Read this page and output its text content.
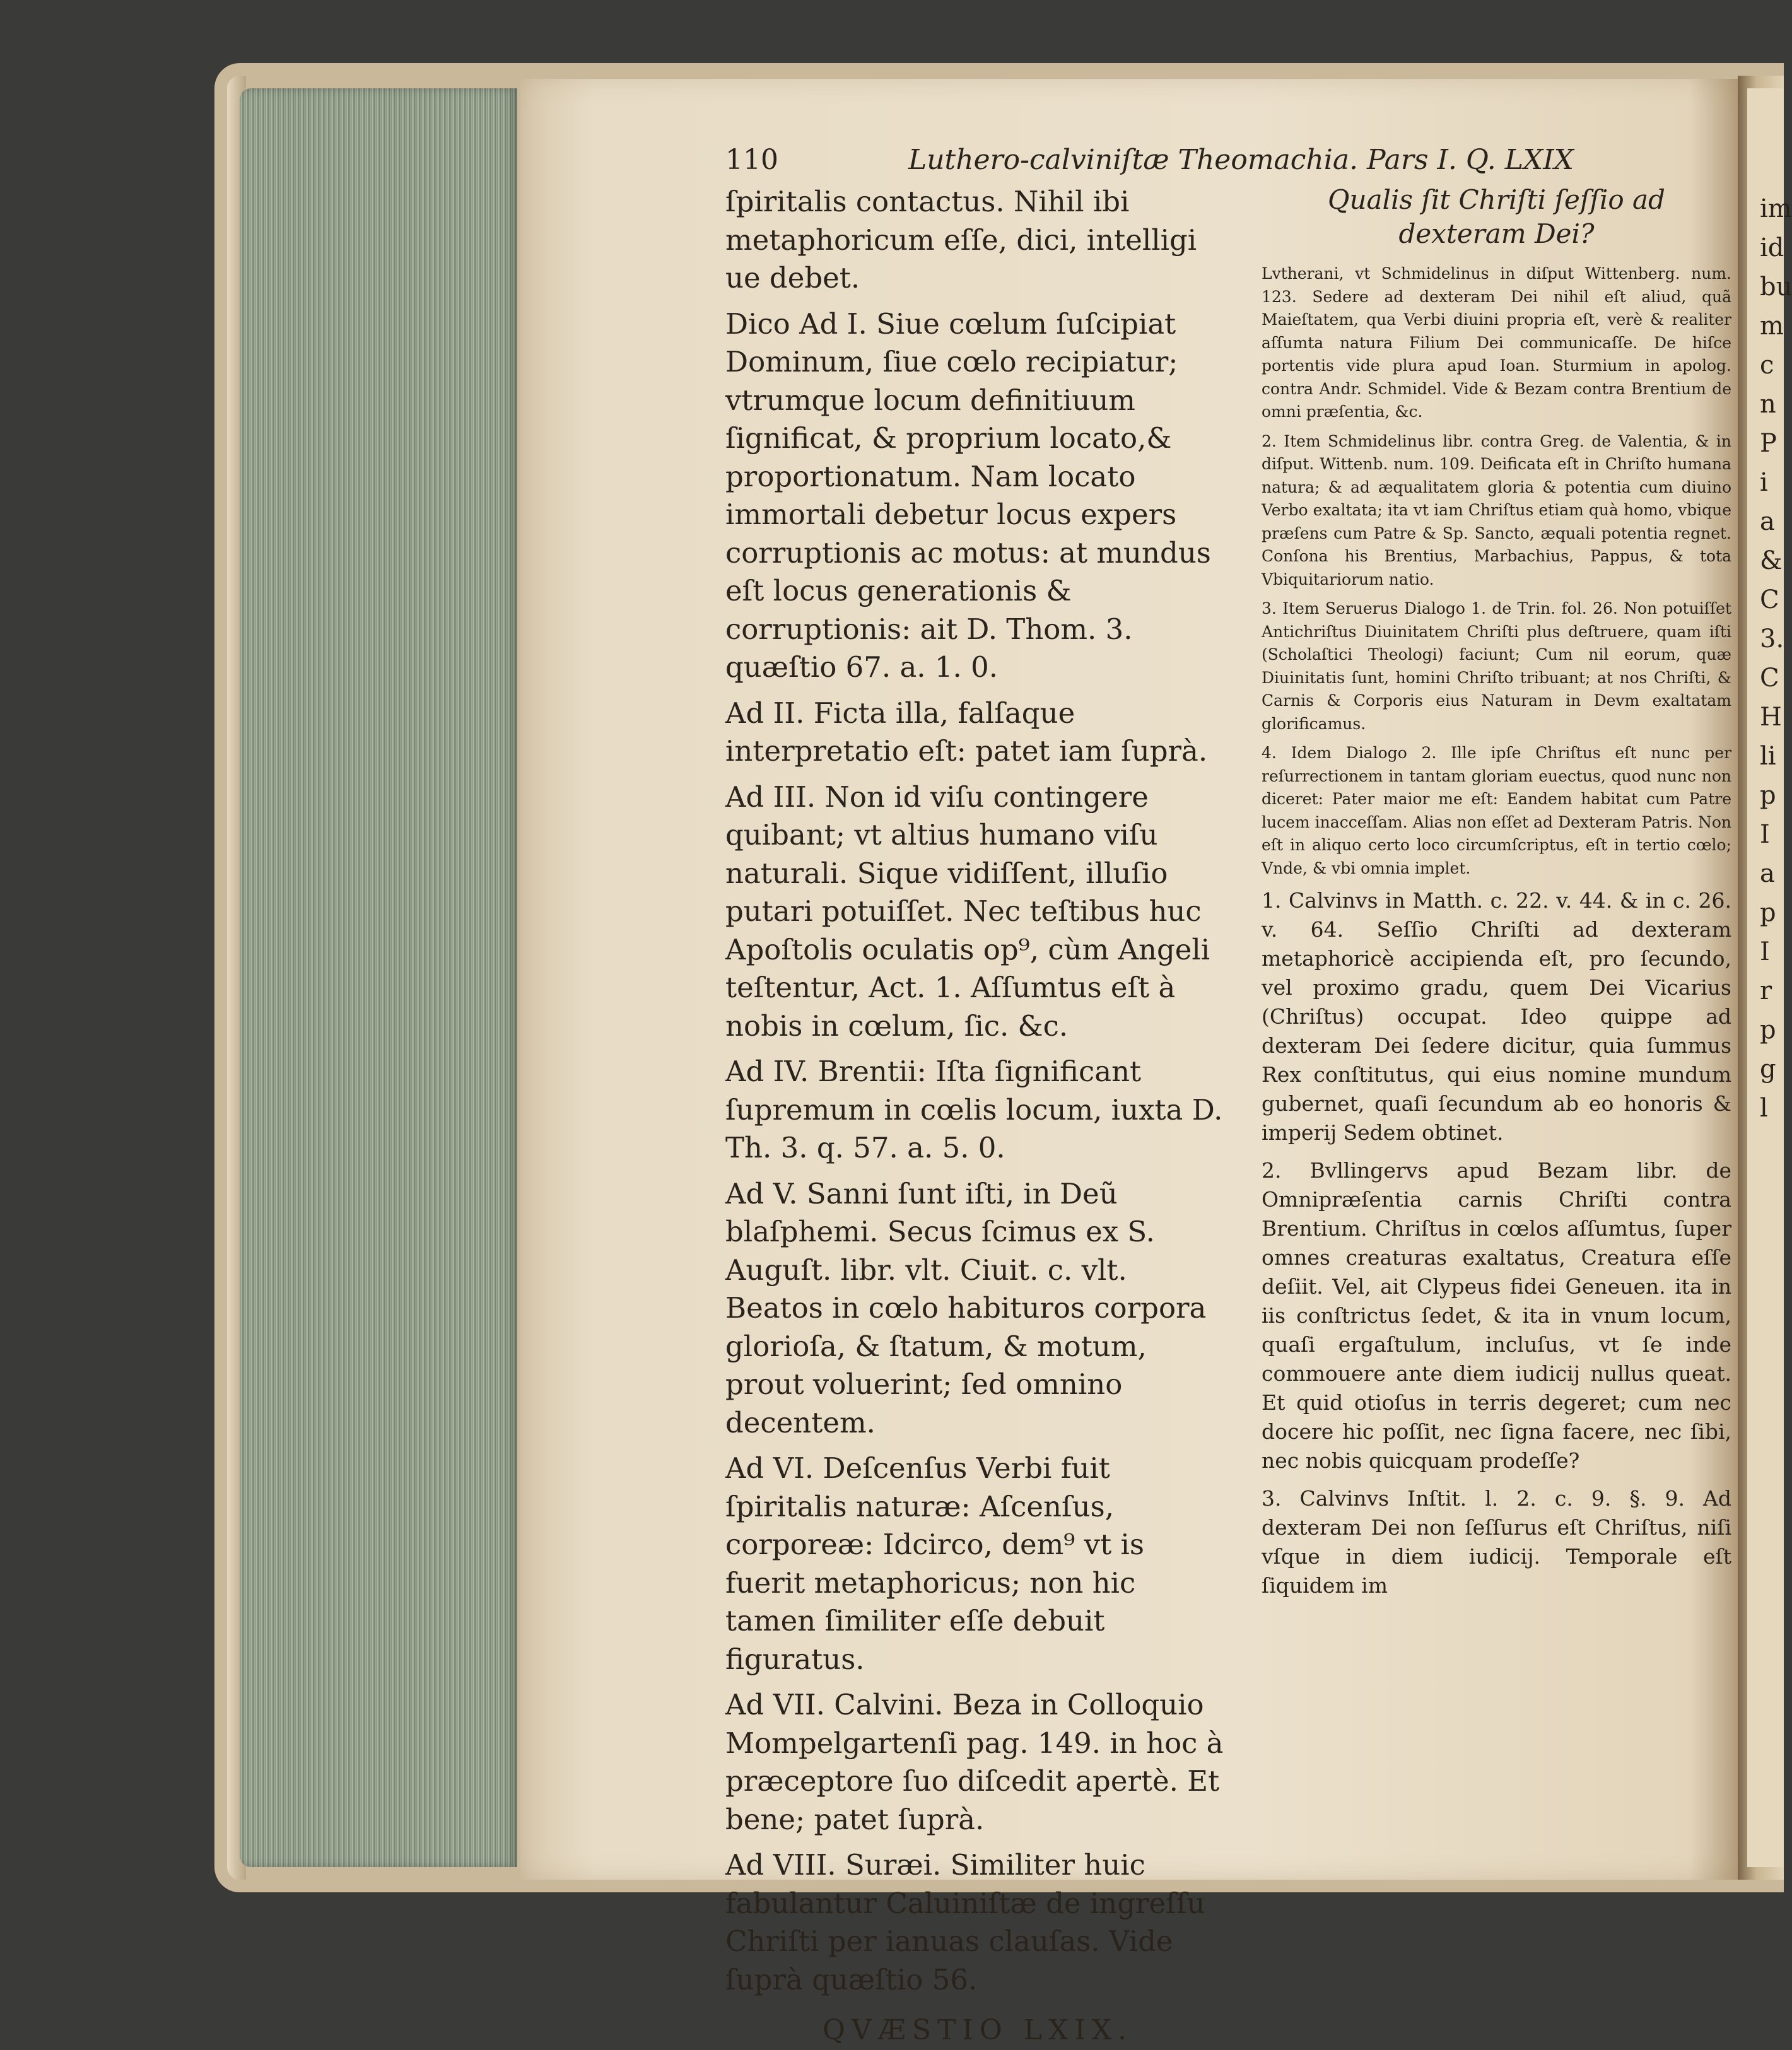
110	Luthero-calviniſtæ Theomachia. Pars I. Q. LXIX

ſpiritalis contactus. Nihil ibi metaphoricum eſſe, dici, intelligi ue debet.

Dico Ad I. Siue cœlum ſuſcipiat Dominum, ſiue cœlo recipiatur; vtrumque locum definitiuum ſignificat, & proprium locato,& proportionatum. Nam locato immortali debetur locus expers corruptionis ac motus: at mundus eſt locus generationis & corruptionis: ait D. Thom. 3. quæſtio 67. a. 1. 0.

Ad II. Ficta illa, falſaque interpretatio eſt: patet iam ſuprà.

Ad III. Non id viſu contingere quibant; vt altius humano viſu naturali. Sique vidiſſent, illuſio putari potuiſſet. Nec teſtibus huc Apoſtolis oculatis op⁹, cùm Angeli teſtentur, Act. 1. Aſſumtus eſt à nobis in cœlum, ſic. &c.

Ad IV. Brentii: Iſta ſignificant ſupremum in cœlis locum, iuxta D. Th. 3. q. 57. a. 5. 0.

Ad V. Sanni ſunt iſti, in Deũ blaſphemi. Secus ſcimus ex S. Auguſt. libr. vlt. Ciuit. c. vlt. Beatos in cœlo habituros corpora glorioſa, & ſtatum, & motum, prout voluerint; ſed omnino decentem.

Ad VI. Deſcenſus Verbi fuit ſpiritalis naturæ: Aſcenſus, corporeæ: Idcirco, dem⁹ vt is fuerit metaphoricus; non hic tamen ſimiliter eſſe debuit figuratus.

Ad VII. Calvini. Beza in Colloquio Mompelgartenſi pag. 149. in hoc à præceptore ſuo diſcedit apertè. Et bene; patet ſuprà.

Ad VIII. Suræi. Similiter huic fabulantur Caluiniſtæ de ingreſſu Chriſti per ianuas clauſas. Vide ſuprà quæſtio 56.

QVÆSTIO LXIX.
Qualis ſit Chriſti ſeſſio ad dexteram Dei?

Lvtherani, vt Schmidelinus in diſput Wittenberg. num. 123. Sedere ad dexteram Dei nihil eſt aliud, quã Maieſtatem, qua Verbi diuini propria eſt, verè & realiter aſſumta natura Filium Dei communicaſſe. De hiſce portentis vide plura apud Ioan. Sturmium in apolog. contra Andr. Schmidel. Vide & Bezam contra Brentium de omni præſentia, &c.

2. Item Schmidelinus libr. contra Greg. de Valentia, & in diſput. Wittenb. num. 109. Deificata eſt in Chriſto humana natura; & ad æqualitatem gloria & potentia cum diuino Verbo exaltata; ita vt iam Chriſtus etiam quà homo, vbique præſens cum Patre & Sp. Sancto, æquali potentia regnet. Conſona his Brentius, Marbachius, Pappus, & tota Vbiquitariorum natio.

3. Item Seruerus Dialogo 1. de Trin. fol. 26. Non potuiſſet Antichriſtus Diuinitatem Chriſti plus deſtruere, quam iſti (Scholaſtici Theologi) faciunt; Cum nil eorum, quæ Diuinitatis ſunt, homini Chriſto tribuant; at nos Chriſti, & Carnis & Corporis eius Naturam in Devm exaltatam glorificamus.

4. Idem Dialogo 2. Ille ipſe Chriſtus eſt nunc per reſurrectionem in tantam gloriam euectus, quod nunc non diceret: Pater maior me eſt: Eandem habitat cum Patre lucem inacceſſam. Alias non eſſet ad Dexteram Patris. Non eſt in aliquo certo loco circumſcriptus, eſt in tertio cœlo; Vnde, & vbi omnia implet.

1. Calvinvs in Matth. c. 22. v. 44. & in c. 26. v. 64. Seſſio Chriſti ad dexteram metaphoricè accipienda eſt, pro ſecundo, vel proximo gradu, quem Dei Vicarius (Chriſtus) occupat. Ideo quippe ad dexteram Dei ſedere dicitur, quia ſummus Rex conſtitutus, qui eius nomine mundum gubernet, quaſi ſecundum ab eo honoris & imperij Sedem obtinet.

2. Bvllingervs apud Bezam libr. de Omnipræſentia carnis Chriſti contra Brentium. Chriſtus in cœlos aſſumtus, ſuper omnes creaturas exaltatus, Creatura eſſe deſiit. Vel, ait Clypeus fidei Geneuen. ita in iis conſtrictus ſedet, & ita in vnum locum, quaſi ergaſtulum, incluſus, vt ſe inde commouere ante diem iudicij nullus queat. Et quid otioſus in terris degeret; cum nec docere hic poſſit, nec ſigna facere, nec ſibi, nec nobis quicquam prodeſſe?

3. Calvinvs Inſtit. l. 2. c. 9. §. 9. Ad dexteram Dei non ſeſſurus eſt Chriſtus, niſi vſque in diem iudicij. Temporale eſt ſiquidem im

im
id
bu
m
c
n
P
i
a
&
C
3.
C
H
li
p
I
a
p
I
r
p
g
l
